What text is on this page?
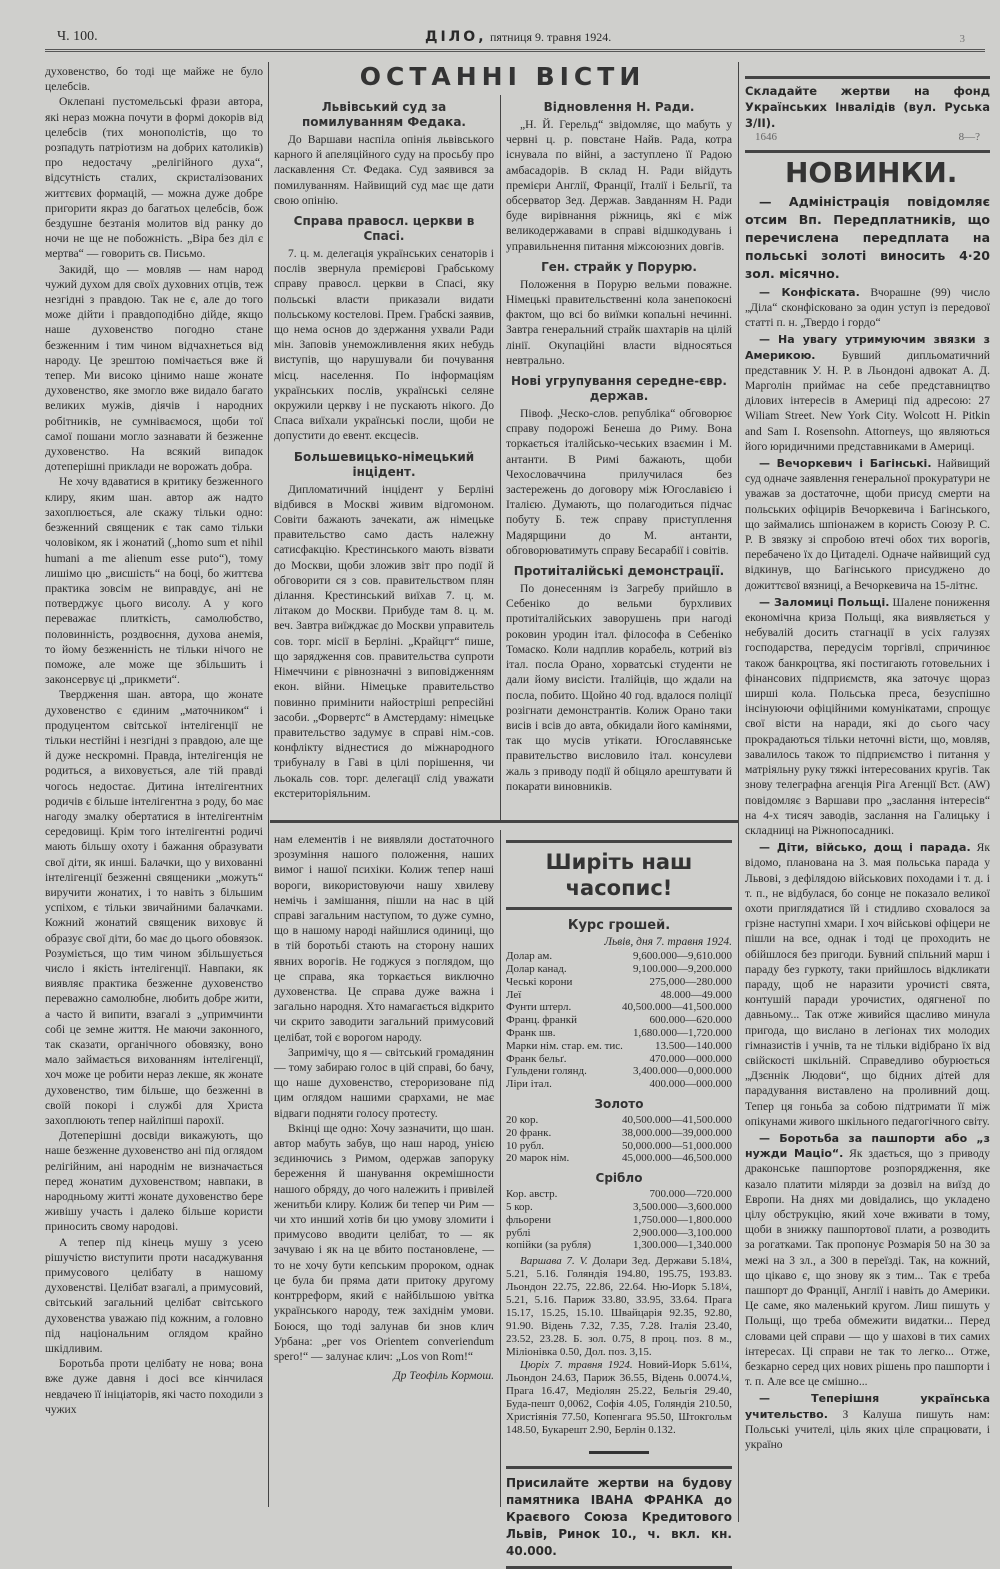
Ч. 100.	ДІЛО, пятниця 9. травня 1924.	3

духовенство, бо тоді ще майже не було целебсів.

Оклепані пустомельські фрази автора, які нераз можна почути в формі докорів від целебсів (тих монополістів, що то розпадуть патріотизм на добрих католиків) про недостачу „релігійного духа“, відсутність сталих, скристалізованих життєвих формацій, — можна дуже добре пригорити якраз до багатьох целебсів, бож бездушне безтанія молитов від ранку до ночи не ще не побожність. „Віра без діл є мертва“ — говорить св. Письмо.

Закидй, що — мовляв — нам народ чужий духом для своїх духовних отців, теж незгідні з правдою. Так не є, але до того може дійти і правдоподібно дійде, якщо наше духовенство погодно стане безженним і тим чином відчахнеться від народу. Це зрештою помічається вже й тепер. Ми високо цінимо наше жонате духовенство, яке змогло вже видало багато великих мужів, діячів і народних робітників, не сумніваємося, щоби тої самої пошани могло зазнавати й безженне духовенство. На всякий випадок дотеперішні приклади не ворожать добра.

Не хочу вдаватися в критику безженного клиру, яким шан. автор аж надто захоплюється, але скажу тільки одно: безженний священик є так само тільки чоловіком, як і жонатий („homo sum et nihil humani a me alienum esse puto“), тому лишімо цю „висшість“ на боці, бо життєва практика зовсім не виправдує, ані не потверджує цього висолу. А у кого переважає плиткість, самолюбство, половинність, роздвоєння, духова анемія, то йому безженність не тільки нічого не поможе, але може ще збільшить і законсервує ці „прикмети“.

Твердження шан. автора, що жонате духовенство є єдиним „маточником“ і продуцентом світської інтелігенції не тільки нестійні і незгідні з правдою, але ще й дуже нескромні. Правда, інтелігенція не родиться, а виховується, але тій правді чогось недостає. Дитина інтелігентних родичів є більше інтелігентна з роду, бо має нагоду змалку обертатися в інтелігентнім середовищі. Крім того інтелігентні родичі мають більшу охоту і бажання образувати свої діти, як инші. Балачки, що у вихованні інтелігенції безженні священики „можуть“ виручити жонатих, і то навіть з більшим успіхом, є тільки звичайними балачками. Кожний жонатий священик виховує й образує свої діти, бо має до цього обовязок. Розуміється, що тим чином збільшується число і якість інтелігенції. Навпаки, як виявляє практика безженне духовенство переважно самолюбне, любить добре жити, а часто й випити, взагалі з „упримчинти собі це земне життя. Не маючи законного, так сказати, органічного обовязку, воно мало займається вихованням інтелігенції, хоч може це робити нераз лекше, як жонате духовенство, тим більше, що безженні в своїй покорі і службі для Христа захоплюють тепер найліпші парохії.

Дотеперішні досвіди викажують, що наше безженне духовенство ані під оглядом релігійним, ані народнім не визначається перед жонатим духовенством; навпаки, в народньому житті жонате духовенство бере живішу участь і далеко більше користи приносить свому народові.

А тепер під кінець мушу з усею рішучістю виступити проти насаджування примусового целібату в нашому духовенстві. Целібат взагалі, а примусовий, світський загальний целібат світського духовенства уважаю під кожним, а головно під національним оглядом крайно шкідливим.

Боротьба проти целібату не нова; вона вже дуже давня і досі все кінчилася невдачею її ініціаторів, які часто походили з чужих

ОСТАННІ ВІСТИ
Львівський суд за помилуванням Федака.

До Варшави наспіла опінія львівського карного й апеляційного суду на просьбу про ласкавлення Ст. Федака. Суд заявився за помилуванням. Найвищий суд має ще дати свою опінію.

Справа правосл. церкви в Спасі.

7. ц. м. делегація українських сенаторів і послів звернула премієрові Грабському справу правосл. церкви в Спасі, яку польські власти приказали видати польському костелові. Прем. Грабскі заявив, що нема основ до здержання ухвали Ради мін. Заповів унеможливлення яких небудь виступів, що нарушували би почування місц. населення. По інформаціям українських послів, українські селяне окружили церкву і не пускають нікого. До Спаса виїхали українські посли, щоби не допустити до евент. ексцесів.

Большевицько-німецький інцідент.

Дипломатичний інцідент у Берліні відбився в Москві живим відгомоном. Совіти бажають зачекати, аж німецьке правительство само дасть належну сатисфакцію. Крестинського мають візвати до Москви, щоби зложив звіт про події й обговорити ся з сов. правительством плян ділання. Крестинський виїхав 7. ц. м. літаком до Москви. Прибуде там 8. ц. м. веч. Завтра виїжджає до Москви управитель сов. торг. місії в Берліні. „Крайцгт“ пише, що зарядження сов. правительства супроти Німеччини є рівнозначні з виповідженням екон. війни. Німецьке правительство повинно примінити найостріші репресійні засоби. „Форвертс“ в Амстердаму: німецьке правительство задумує в справі нім.-сов. конфлікту віднестися до міжнародного трибуналу в Гаві в цілі порішення, чи льокаль сов. торг. делегації слід уважати екстериторіяльним.

Відновлення Н. Ради.

„Н. Й. Герельд“ звідомляє, що мабуть у червні ц. р. повстане Найв. Рада, котра існувала по війні, а заступлено її Радою амбасадорів. В склад Н. Ради війдуть премієри Англії, Франції, Італії і Бельгії, та обсерватор Зед. Держав. Завданням Н. Ради буде вирівнання ріжниць, які є між великодержавами в справі відшкодувань і управильнення питання міжсоюзних довгів.

Ген. страйк у Порурю.

Положення в Порурю вельми поважне. Німецькі правительственні кола занепокоєні фактом, що всі бо виїмки копальні нечинні. Завтра генеральний страйк шахтарів на цілій лінії. Окупаційні власти відносяться невтрально.

Нові угрупування середне-євр. держав.

Півоф. „Ческо-слов. републіка“ обговорює справу подорожі Бенеша до Риму. Вона торкається італійсько-чеських взаємин і М. антанти. В Римі бажають, щоби Чехословаччина прилучилася без застережень до договору між Югославією і Італією. Думають, що полагодиться підчас побуту Б. теж справу приступлення Мадярщини до М. антанти, обговорюватимуть справу Бесарабії і совітів.

Протиіталійські демонстрації.

По донесенням із Загребу прийшло в Себеніко до вельми бурхливих протиіталійських заворушень при нагоді роковин уродин італ. філософа в Себеніко Томаско. Коли надплив корабель, котрий віз італ. посла Орано, хорватські студенти не дали йому висісти. Італійців, що ждали на посла, побито. Щойно 40 год. вдалося поліції розігнати демонстрантів. Колиж Орано таки висів і всів до авта, обкидали його камінями, так що мусів утікати. Югославянське правительство висловило італ. консулеви жаль з приводу події й обіцяло арештувати й покарати виновників.

нам елементів і не виявляли достаточного зрозуміння нашого положення, наших вимог і нашої психіки. Колиж тепер наші вороги, використовуючи нашу хвилеву немічь і замішання, пішли на нас в цій справі загальним наступом, то дуже сумно, що в нашому народі найшлися одиниці, що в тій боротьбі стають на сторону наших явних ворогів. Не годжуся з поглядом, що це справа, яка торкається виключно духовенства. Це справа дуже важна і загально народня. Хто намагається відкрито чи скрито заводити загальний примусовий целібат, той є ворогом народу.

Запримічу, що я — світський громадянин — тому забираю голос в цій справі, бо бачу, що наше духовенство, стероризоване під цим оглядом нашими срархами, не має відваги подняти голосу протесту.

Вкінці ще одно: Хочу зазначити, що шан. автор мабуть забув, що наш народ, унією зєдинючись з Римом, одержав запоруку береження й шанування окремішности нашого обряду, до чого належить і привілей женитьби клиру. Колиж би тепер чи Рим — чи хто инший хотів би цю умову зломити і примусово вводити целібат, то — як зачуваю і як на це вбито постановлене, — то не хочу бути кепським пророком, однак це була би пряма дати притоку другому контрреформ, який є найбільшою увітка українського народу, теж західнім умови. Боюся, що тоді залунав би знов клич Урбана: „per vos Orientem converiendum spero!“ — залунає клич: „Los von Rom!“

Др Теофіль Кормош.
Ширіть наш часопис!
Курс грошей.
Львів, дня 7. травня 1924.
Долар ам.	9,600.000—9,610.000
Долар канад.	9,100.000—9,200.000
Чеські корони	275,000—280.000
Леї	48.000—49.000
Фунти штерл.	40,500.000—41,500.000
Франц. франкй	600.000—620.000
Франк шв.	1,680.000—1,720.000
Марки нім. стар. ем. тис.	13.500—140.000
Франк бельґ.	470.000—000.000
Гульдени голянд.	3,400.000—0,000.000
Ліри італ.	400.000—000.000
Золото
20 кор.	40,500.000—41,500.000
20 франк.	38,000.000—39,000.000
10 рубл.	50,000.000—51,000.000
20 марок нім.	45,000.000—46,500.000
Срібло
Кор. австр.	700.000—720.000
5 кор.	3,500.000—3,600.000
фльорени	1,750.000—1,800.000
рублі	2,900.000—3,100.000
копійки (за рубля)	1,300.000—1,340.000

Варшава 7. V. Долари Зед. Держави 5.18¼, 5.21, 5.16. Голяндія 194.80, 195.75, 193.83. Льондон 22.75, 22.86, 22.64. Ню-Иорк 5.18¼, 5.21, 5.16. Париж 33.80, 33.95, 33.64. Прага 15.17, 15.25, 15.10. Швайцарія 92.35, 92.80, 91.90. Відень 7.32, 7.35, 7.28. Італія 23.40, 23.52, 23.28. Б. зол. 0.75, 8 проц. поз. 8 м., Міліонівка 0.50, Дол. поз. 3,15.

Цюріх 7. травня 1924. Новий-Иорк 5.61¼, Льондон 24.63, Париж 36.55, Відень 0.0074.¼, Прага 16.47, Медіолян 25.22, Бельгія 29.40, Буда-пешт 0,0062, Софія 4.05, Голяндія 210.50, Христіянія 77.50, Копенгага 95.50, Штокгольм 148.50, Букарешт 2.90, Берлін 0.132.

Присилайте жертви на будову памятника ІВАНА ФРАНКА до Краєвого Союза Кредитового Львів, Ринок 10., ч. вкл. кн. 40.000.
Складайте жертви на фонд Українських Інвалідів (вул. Руська 3/II).
1646	8—?
НОВИНКИ.

— Адміністрація повідомляє отсим Вп. Передплатників, що перечислена передплата на польські золоті виносить 4·20 зол. місячно.

— Конфіската. Вчорашне (99) число „Діла“ сконфісковано за один уступ із передової статті п. н. „Твердо і гордо“

— На увагу утримуючим звязки з Америкою. Бувший дипльоматичний представник У. Н. Р. в Льондоні адвокат А. Д. Марголін приймає на себе представництво ділових інтересів в Америці під адресою: 27 Wiliam Street. New York City. Wolcott H. Pitkin and Sam I. Rosensohn. Attorneys, що являються його юридичними представниками в Америці.

— Вечоркевич і Багінські. Найвищий суд одначе заявлення генеральної прокуратури не уважав за достаточне, щоби присуд смерти на польських офіцирів Вечоркевича і Багінського, що займались шпіонажем в користь Союзу Р. С. Р. В звязку зі спробою втечі обох тих ворогів, перебачено їх до Цитаделі. Одначе найвищий суд відкинув, що Багінського присуджено до дожиттєвої вязниці, а Вечоркевича на 15-літнє.

— Заломиці Польщі. Шалене пониження економічна криза Польщі, яка виявляється у небувалій досить стагнації в усіх галузях господарства, передусім торгівлі, спричинює також банкроцтва, які постигають готовельних і фінансових підприємств, яка заточує щораз ширші кола. Польська преса, безуспішно інсінуюючи офіційними комунікатами, спрощує свої вісти на наради, які до сього часу прокрадаються тільки неточні вісти, що, мовляв, завалилось також то підприємство і питання у матріяльну руку тяжкі інтересованих кругів. Так знову телеграфна агенція Ріга Агенції Вст. (AW) повідомляє з Варшави про „заслання інтересів“ на 4-х тисяч заводів, заслання на Галицьку і складниці на Ріжнопосадникі.

— Діти, військо, дощ і парада. Як відомо, планована на 3. мая польська парада у Львові, з дефілядою військових походами і т. д. і т. п., не відбулася, бо сонце не показало великої охоти приглядатися їй і стидливо сховалося за грізне наступні хмари. І хоч військові офіцери не пішли на все, однак і тоді це проходить не обійшлося без пригоди. Бувний спільний марш і параду без гуркоту, таки прийшлось відкликати параду, щоб не наразити урочисті свята, контушій паради урочистих, одягненої по давньому... Так отже живийся щасливо минула пригода, що вислано в легіонах тих молодих гімназистів і учнів, та не тільки відібрано їх від свійскості шкільній. Справедливо обурюється „Дзєннік Людови“, що бідних дітей для парадування виставлено на проливний дощ. Тепер ця гоньба за собою підтримати її між опікунами живого шкільного педагогічного світу.

— Боротьба за пашпорти або „з нужди Маціо“. Як здається, що з приводу драконське пашпортове розпорядження, яке казало платити мілярди за дозвіл на виїзд до Европи. На днях ми довідались, що укладено цілу обструкцію, який хоче вживати в тому, щоби в знижку пашпортової плати, а розводить за рогатками. Так пропонує Розмарія 50 на 30 за межі на 3 зл., а 300 в переїзді. Так, на кожний, що цікаво є, що знову як з тим... Так є треба пашпорт до Франції, Англії і навіть до Америки. Це саме, яко маленький кругом. Лиш пишуть у Польщі, що треба обмежити видатки... Перед словами цей справи — що у шахові в тих самих інтересах. Ці справи не так то легко... Отже, безкарно серед цих нових рішень про пашпорти і т. п. Але все це смішно...

— Теперішня українська учительство. З Калуша пишуть нам: Польські учителі, ціль яких ціле спрацювати, і україно
